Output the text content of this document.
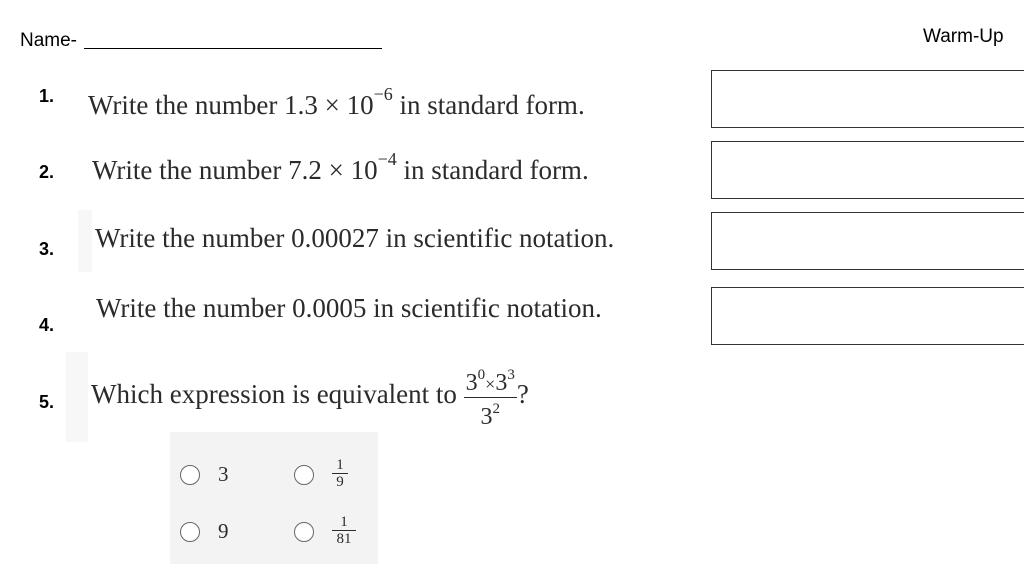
Name-	Warm-Up
1. Write the number $1.3 \times 10^{-6}$ in standard form.
2. Write the number $7.2 \times 10^{-4}$ in standard form.
3. Write the number 0.00027 in scientific notation.
4.
Write the number 0.0005 in scientific notation.
5. Which expression is equivalent to $\frac{3^0\times 3^3}{3^2}$ ?
3	$\frac{1}{9}$
9	$\frac{1}{81}$
